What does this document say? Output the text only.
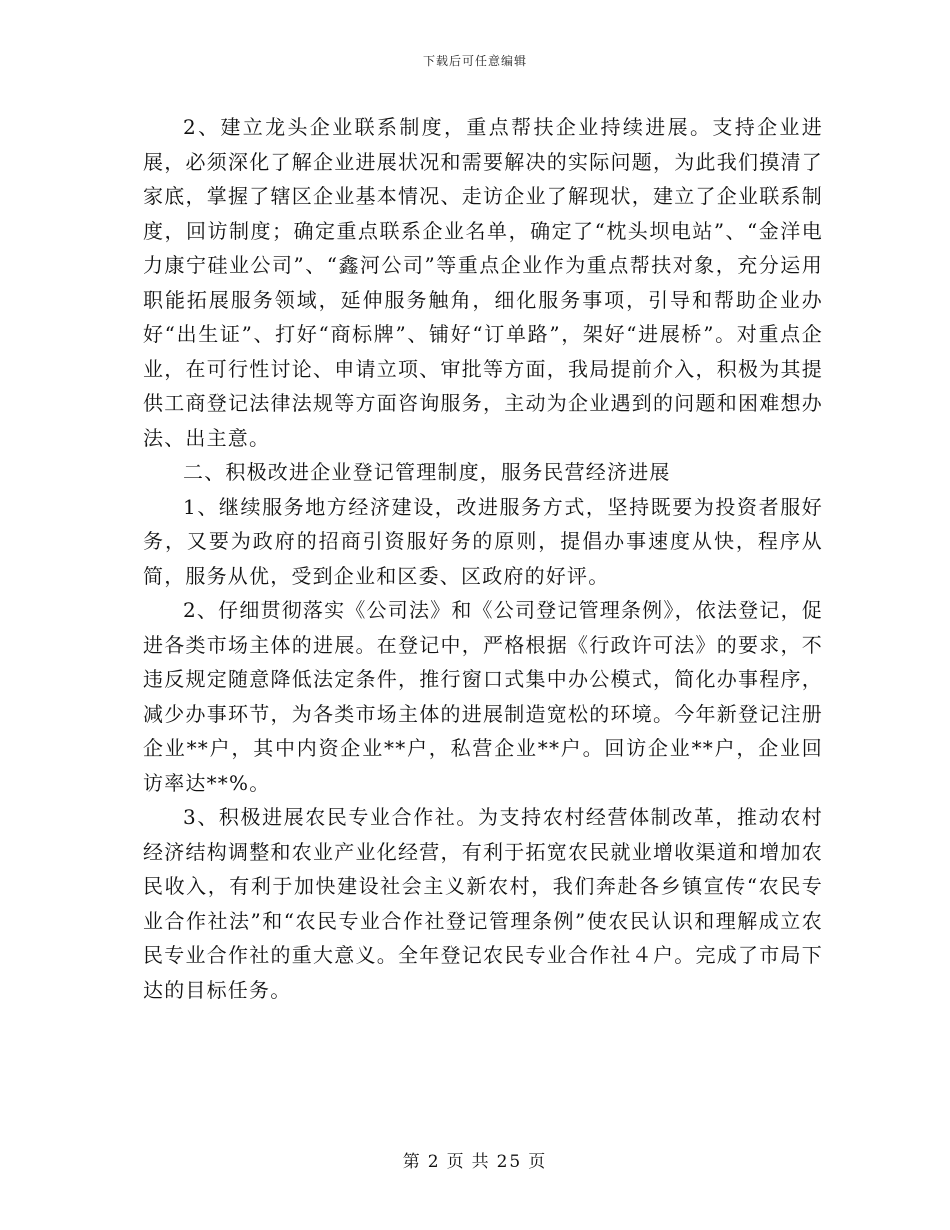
下载后可任意编辑

2、建立龙头企业联系制度，重点帮扶企业持续进展。支持企业进展，必须深化了解企业进展状况和需要解决的实际问题，为此我们摸清了家底，掌握了辖区企业基本情况、走访企业了解现状，建立了企业联系制度，回访制度；确定重点联系企业名单，确定了“枕头坝电站”、“金洋电力康宁硅业公司”、“鑫河公司”等重点企业作为重点帮扶对象，充分运用职能拓展服务领域，延伸服务触角，细化服务事项，引导和帮助企业办好“出生证”、打好“商标牌”、铺好“订单路”，架好“进展桥”。对重点企业，在可行性讨论、申请立项、审批等方面，我局提前介入，积极为其提供工商登记法律法规等方面咨询服务，主动为企业遇到的问题和困难想办法、出主意。

二、积极改进企业登记管理制度，服务民营经济进展

1、继续服务地方经济建设，改进服务方式，坚持既要为投资者服好务，又要为政府的招商引资服好务的原则，提倡办事速度从快，程序从简，服务从优，受到企业和区委、区政府的好评。

2、仔细贯彻落实《公司法》和《公司登记管理条例》，依法登记，促进各类市场主体的进展。在登记中，严格根据《行政许可法》的要求，不违反规定随意降低法定条件，推行窗口式集中办公模式，简化办事程序，减少办事环节，为各类市场主体的进展制造宽松的环境。今年新登记注册企业**户，其中内资企业**户，私营企业**户。回访企业**户，企业回访率达**%。

3、积极进展农民专业合作社。为支持农村经营体制改革，推动农村经济结构调整和农业产业化经营，有利于拓宽农民就业增收渠道和增加农民收入，有利于加快建设社会主义新农村，我们奔赴各乡镇宣传“农民专业合作社法”和“农民专业合作社登记管理条例”使农民认识和理解成立农民专业合作社的重大意义。全年登记农民专业合作社４户。完成了市局下达的目标任务。

第 2 页 共 25 页
